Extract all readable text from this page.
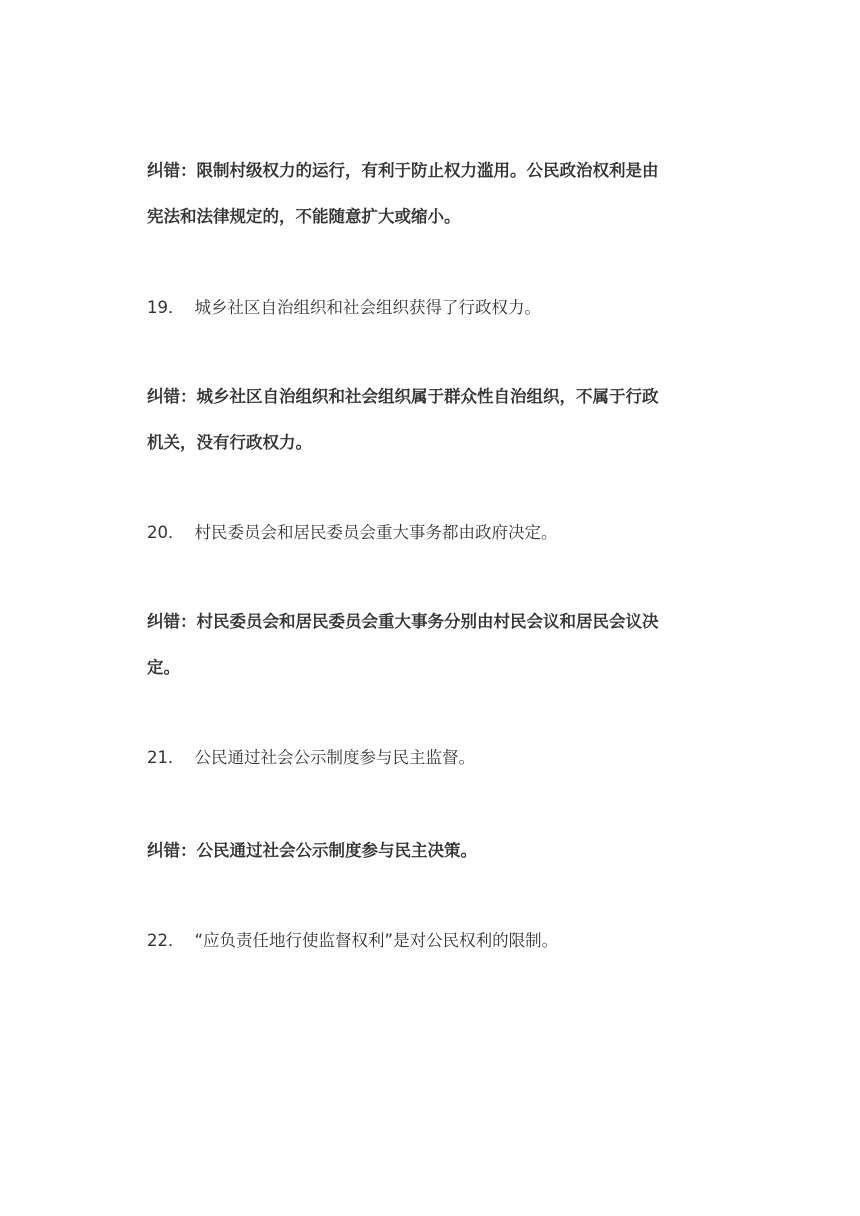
纠错：限制村级权力的运行，有利于防止权力滥用。公民政治权利是由
宪法和法律规定的，不能随意扩大或缩小。

19． 城乡社区自治组织和社会组织获得了行政权力。

纠错：城乡社区自治组织和社会组织属于群众性自治组织，不属于行政
机关，没有行政权力。

20． 村民委员会和居民委员会重大事务都由政府决定。

纠错：村民委员会和居民委员会重大事务分别由村民会议和居民会议决
定。

21． 公民通过社会公示制度参与民主监督。

纠错：公民通过社会公示制度参与民主决策。

22． “应负责任地行使监督权利”是对公民权利的限制。
